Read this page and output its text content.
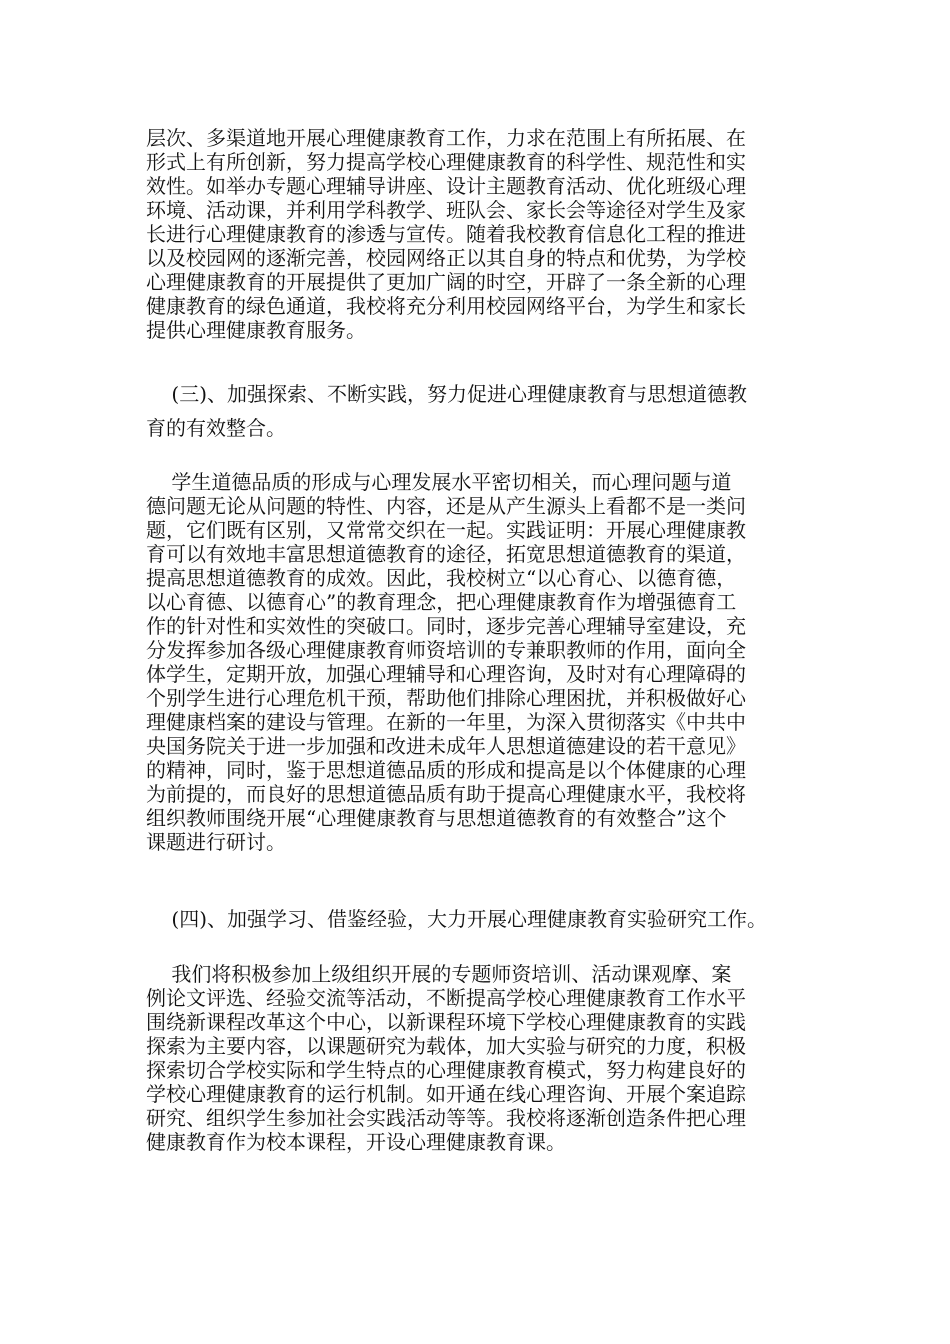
层次、多渠道地开展心理健康教育工作，力求在范围上有所拓展、在
形式上有所创新，努力提高学校心理健康教育的科学性、规范性和实
效性。如举办专题心理辅导讲座、设计主题教育活动、优化班级心理
环境、活动课，并利用学科教学、班队会、家长会等途径对学生及家
长进行心理健康教育的渗透与宣传。随着我校教育信息化工程的推进
以及校园网的逐渐完善，校园网络正以其自身的特点和优势，为学校
心理健康教育的开展提供了更加广阔的时空，开辟了一条全新的心理
健康教育的绿色通道，我校将充分利用校园网络平台，为学生和家长
提供心理健康教育服务。
(三)、加强探索、不断实践，努力促进心理健康教育与思想道德教
育的有效整合。
学生道德品质的形成与心理发展水平密切相关，而心理问题与道
德问题无论从问题的特性、内容，还是从产生源头上看都不是一类问
题，它们既有区别，又常常交织在一起。实践证明：开展心理健康教
育可以有效地丰富思想道德教育的途径，拓宽思想道德教育的渠道，
提高思想道德教育的成效。因此，我校树立“以心育心、以德育德，
以心育德、以德育心”的教育理念，把心理健康教育作为增强德育工
作的针对性和实效性的突破口。同时，逐步完善心理辅导室建设，充
分发挥参加各级心理健康教育师资培训的专兼职教师的作用，面向全
体学生，定期开放，加强心理辅导和心理咨询，及时对有心理障碍的
个别学生进行心理危机干预，帮助他们排除心理困扰，并积极做好心
理健康档案的建设与管理。在新的一年里，为深入贯彻落实《中共中
央国务院关于进一步加强和改进未成年人思想道德建设的若干意见》
的精神，同时，鉴于思想道德品质的形成和提高是以个体健康的心理
为前提的，而良好的思想道德品质有助于提高心理健康水平，我校将
组织教师围绕开展“心理健康教育与思想道德教育的有效整合”这个
课题进行研讨。
(四)、加强学习、借鉴经验，大力开展心理健康教育实验研究工作。
我们将积极参加上级组织开展的专题师资培训、活动课观摩、案
例论文评选、经验交流等活动，不断提高学校心理健康教育工作水平
围绕新课程改革这个中心，以新课程环境下学校心理健康教育的实践
探索为主要内容，以课题研究为载体，加大实验与研究的力度，积极
探索切合学校实际和学生特点的心理健康教育模式，努力构建良好的
学校心理健康教育的运行机制。如开通在线心理咨询、开展个案追踪
研究、组织学生参加社会实践活动等等。我校将逐渐创造条件把心理
健康教育作为校本课程，开设心理健康教育课。
